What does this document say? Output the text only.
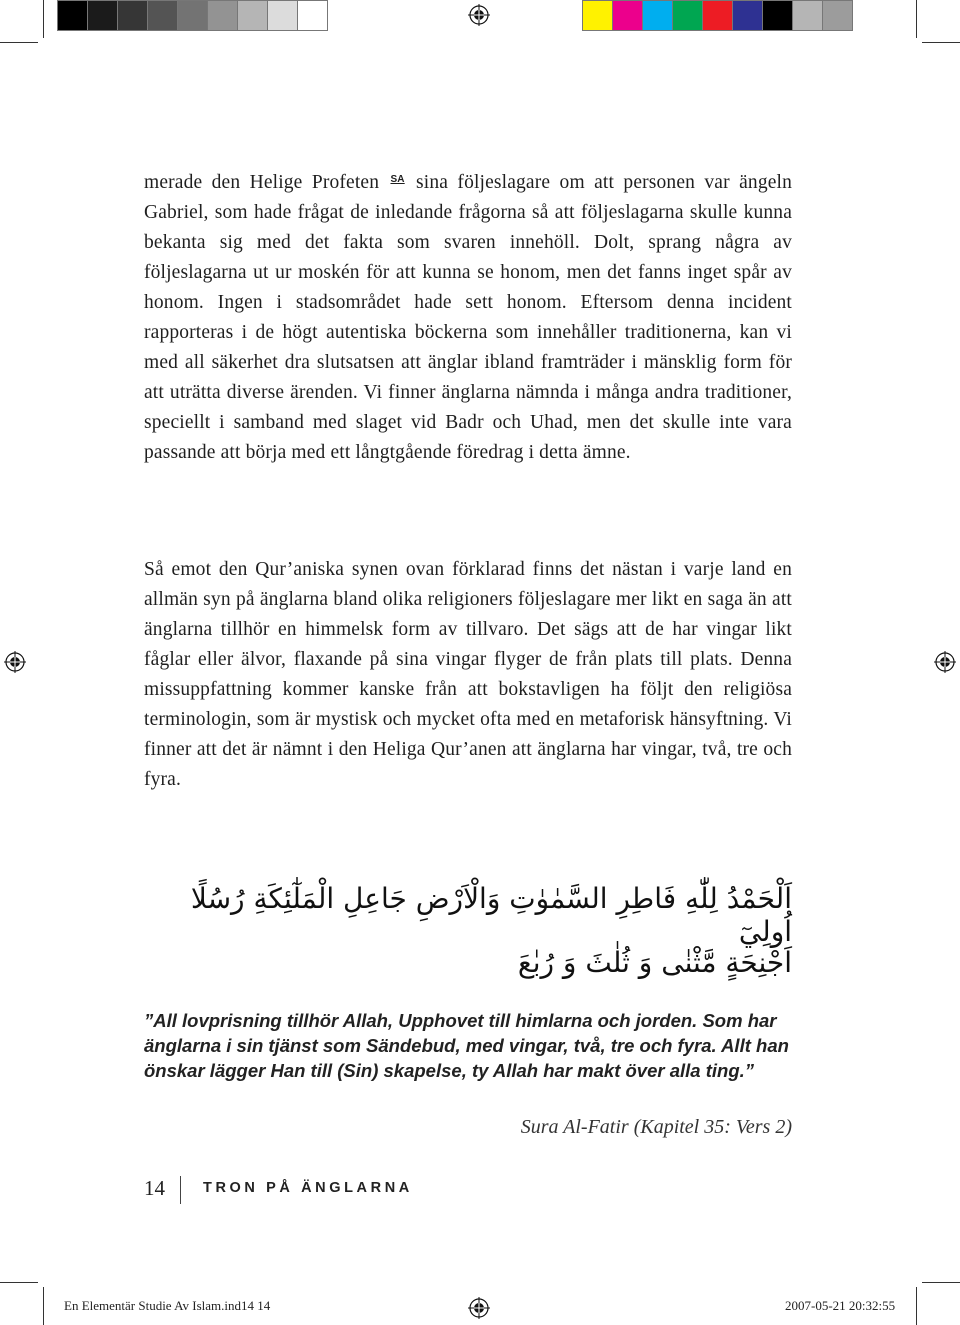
merade den Helige Profeten $^{SA}$ sina följeslagare om att personen var ängeln Gabriel, som hade frågat de inledande frågorna så att följeslagarna skulle kunna bekanta sig med det fakta som svaren innehöll. Dolt, sprang några av följeslagarna ut ur moskén för att kunna se honom, men det fanns inget spår av honom. Ingen i stadsområdet hade sett honom. Eftersom denna incident rapporteras i de högt autentiska böckerna som innehåller traditionerna, kan vi med all säkerhet dra slutsatsen att änglar ibland framträder i mänsklig form för att uträtta diverse ärenden. Vi finner änglarna nämnda i många andra traditioner, speciellt i samband med slaget vid Badr och Uhad, men det skulle inte vara passande att börja med ett långtgående föredrag i detta ämne.
Så emot den Qur’aniska synen ovan förklarad finns det nästan i varje land en allmän syn på änglarna bland olika religioners följeslagare mer likt en saga än att änglarna tillhör en himmelsk form av tillvaro. Det sägs att de har vingar likt fåglar eller älvor, flaxande på sina vingar flyger de från plats till plats. Denna missuppfattning kommer kanske från att bokstavligen ha följt den religiösa terminologin, som är mystisk och mycket ofta med en metaforisk hänsyftning. Vi finner att det är nämnt i den Heliga Qur’anen att änglarna har vingar, två, tre och fyra.
اَلْحَمْدُ لِلّٰهِ فَاطِرِ السَّمٰوٰتِ وَالْاَرْضِ جَاعِلِ الْمَلٰٓئِكَةِ رُسُلًا اُولِيٓ
اَجْنِحَةٍ مَّثْنٰى وَ ثُلٰثَ وَ رُبٰعَ
”All lovprisning tillhör Allah, Upphovet till himlarna och jorden. Som har änglarna i sin tjänst som Sändebud, med vingar, två, tre och fyra. Allt han önskar lägger Han till (Sin) skapelse, ty Allah har makt över alla ting.”
Sura Al-Fatir (Kapitel 35: Vers 2)
14	TRON PÅ ÄNGLARNA
En Elementär Studie Av Islam.ind14 14	2007-05-21 20:32:55
